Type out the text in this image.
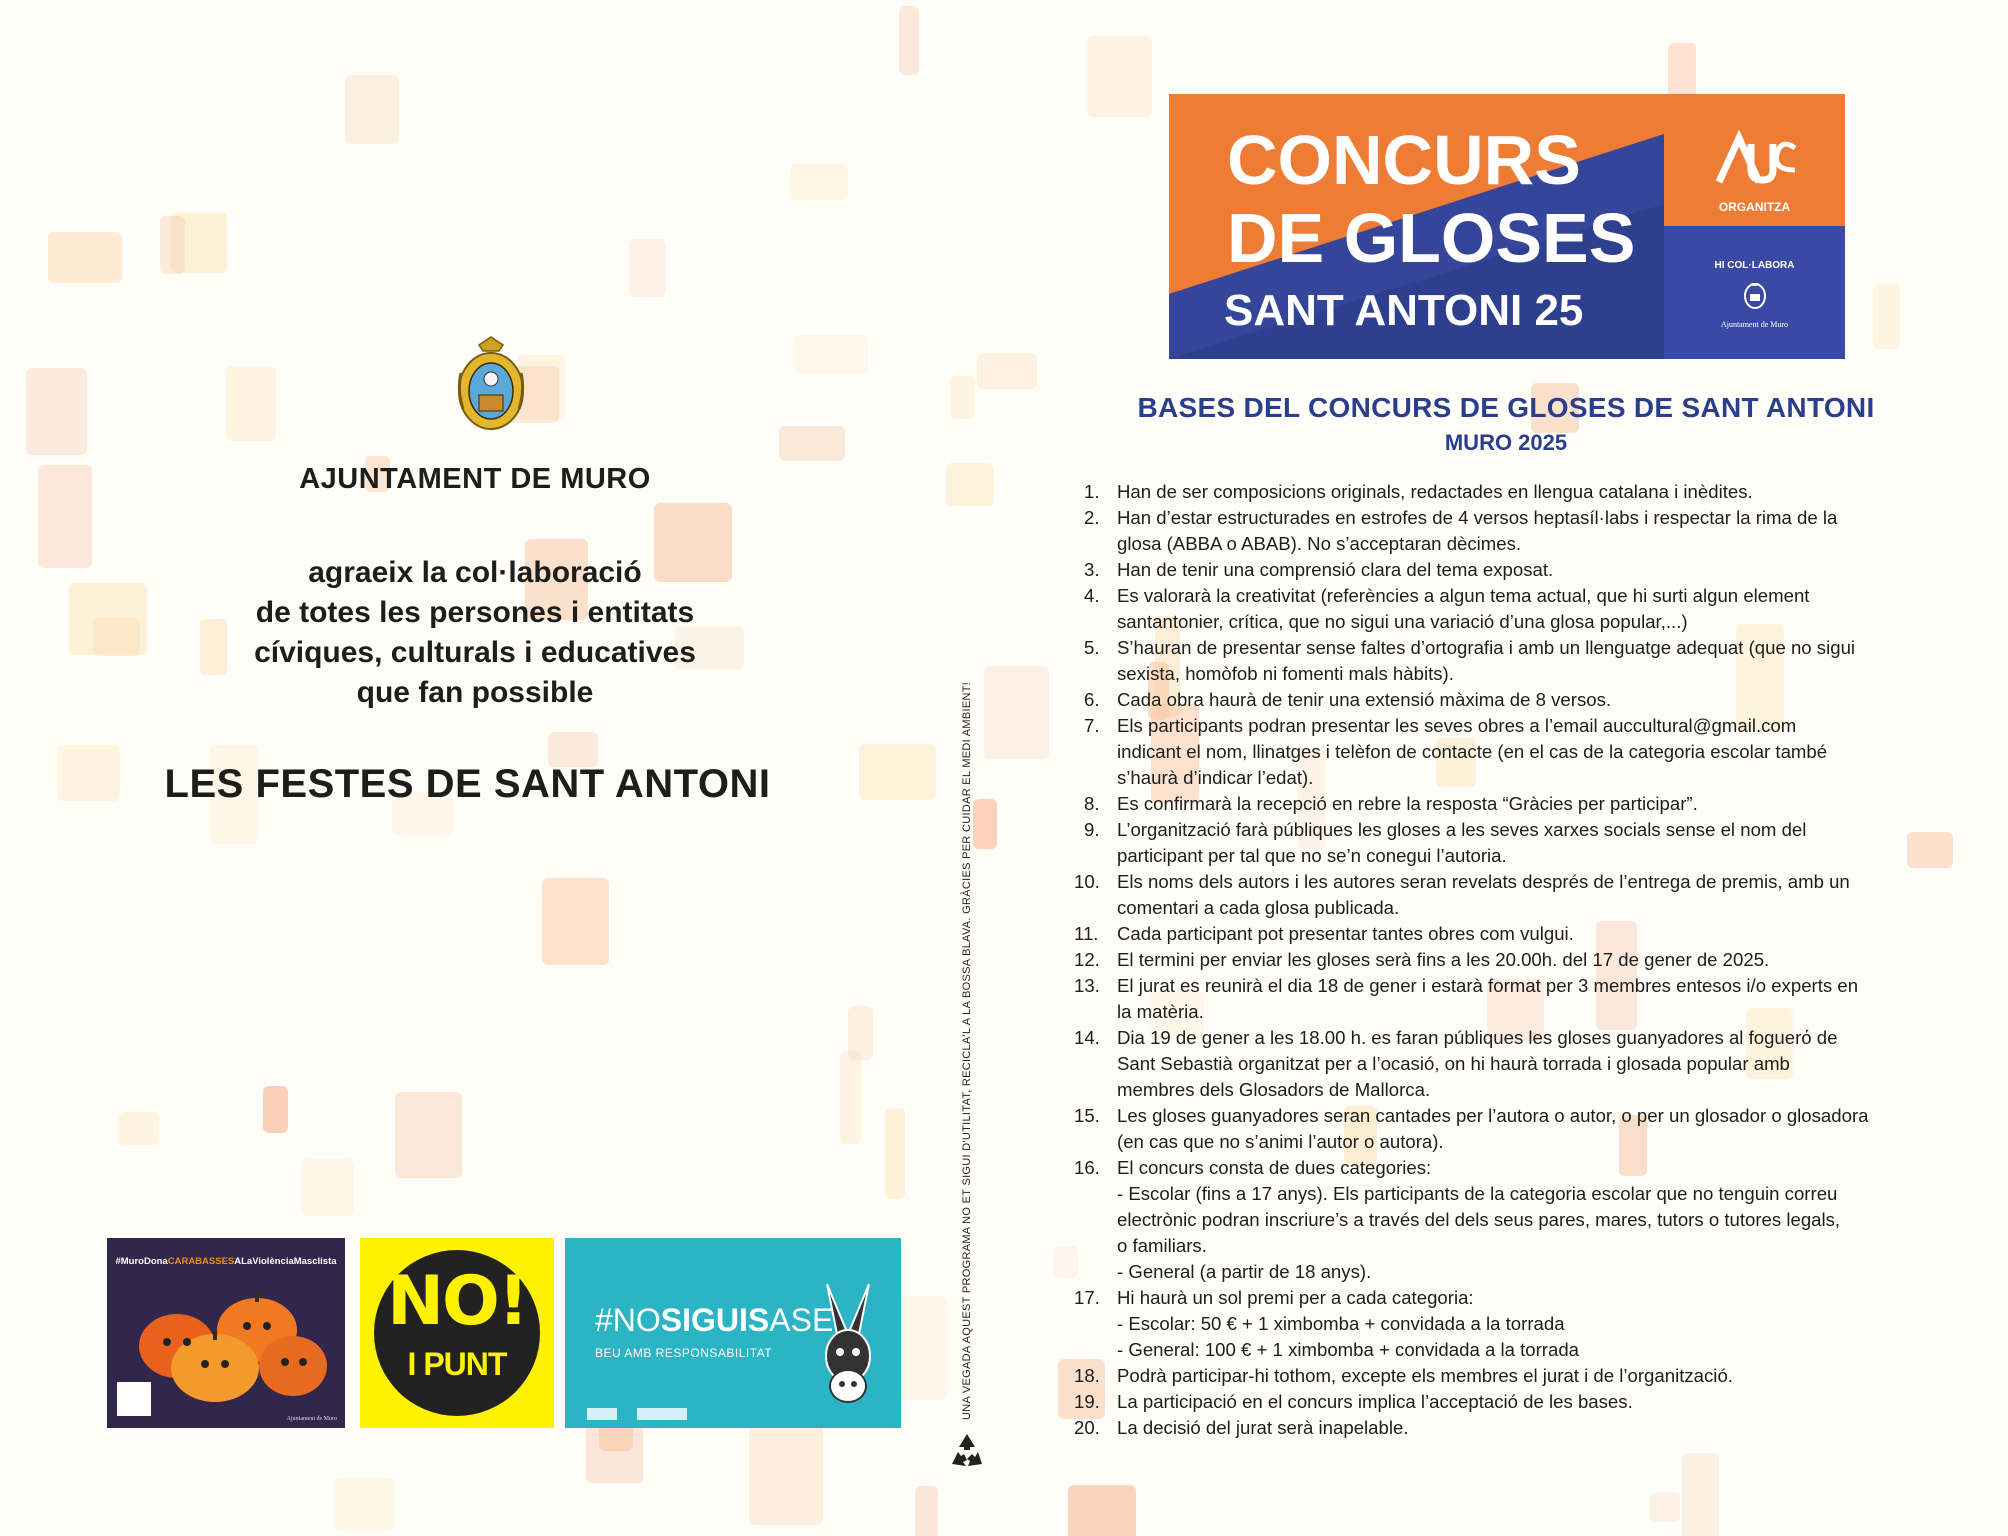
AJUNTAMENT DE MURO
agraeix la col·laboració
de totes les persones i entitats
cíviques, culturals i educatives
que fan possible
LES FESTES DE SANT ANTONI
#MuroDonaCARABASSESALaViolènciaMasclista
Ajuntament de Muro
NO!
I PUNT
#NOSIGUISASE
BEU AMB RESPONSABILITAT	UNA VEGADA AQUEST PROGRAMA NO ET SIGUI D'UTILITAT, RECICLA'L A LA BOSSA BLAVA. GRÀCIES PER CUIDAR EL MEDI AMBIENT!
CONCURS
DE GLOSES
SANT ANTONI 25
ORGANITZA
HI COL·LABORA
Ajuntament de Muro
BASES DEL CONCURS DE GLOSES DE SANT ANTONI
MURO 2025
1. Han de ser composicions originals, redactades en llengua catalana i inèdites.
2. Han d’estar estructurades en estrofes de 4 versos heptasíl·labs i respectar la rima de la
glosa (ABBA o ABAB). No s’acceptaran dècimes.
3. Han de tenir una comprensió clara del tema exposat.
4. Es valorarà la creativitat (referències a algun tema actual, que hi surti algun element
santantonier, crítica, que no sigui una variació d’una glosa popular,...)
5. S’hauran de presentar sense faltes d’ortografia i amb un llenguatge adequat (que no sigui
sexista, homòfob ni fomenti mals hàbits).
6. Cada obra haurà de tenir una extensió màxima de 8 versos.
7. Els participants podran presentar les seves obres a l’email auccultural@gmail.com
indicant el nom, llinatges i telèfon de contacte (en el cas de la categoria escolar també
s’haurà d’indicar l’edat).
8. Es confirmarà la recepció en rebre la resposta “Gràcies per participar”.
9. L’organització farà públiques les gloses a les seves xarxes socials sense el nom del
participant per tal que no se’n conegui l’autoria.
10. Els noms dels autors i les autores seran revelats després de l’entrega de premis, amb un
comentari a cada glosa publicada.
11. Cada participant pot presentar tantes obres com vulgui.
12. El termini per enviar les gloses serà fins a les 20.00h. del 17 de gener de 2025.
13. El jurat es reunirà el dia 18 de gener i estarà format per 3 membres entesos i/o experts en
la matèria.
14. Dia 19 de gener a les 18.00 h. es faran públiques les gloses guanyadores al foguerό de
Sant Sebastià organitzat per a l’ocasió, on hi haurà torrada i glosada popular amb
membres dels Glosadors de Mallorca.
15. Les gloses guanyadores seran cantades per l’autora o autor, o per un glosador o glosadora
(en cas que no s’animi l’autor o autora).
16. El concurs consta de dues categories:
- Escolar (fins a 17 anys). Els participants de la categoria escolar que no tenguin correu
electrònic podran inscriure’s a través del dels seus pares, mares, tutors o tutores legals,
o familiars.
- General (a partir de 18 anys).
17. Hi haurà un sol premi per a cada categoria:
- Escolar: 50 € + 1 ximbomba + convidada a la torrada
- General: 100 € + 1 ximbomba + convidada a la torrada
18. Podrà participar-hi tothom, excepte els membres el jurat i de l’organització.
19. La participació en el concurs implica l’acceptació de les bases.
20. La decisió del jurat serà inapelable.
